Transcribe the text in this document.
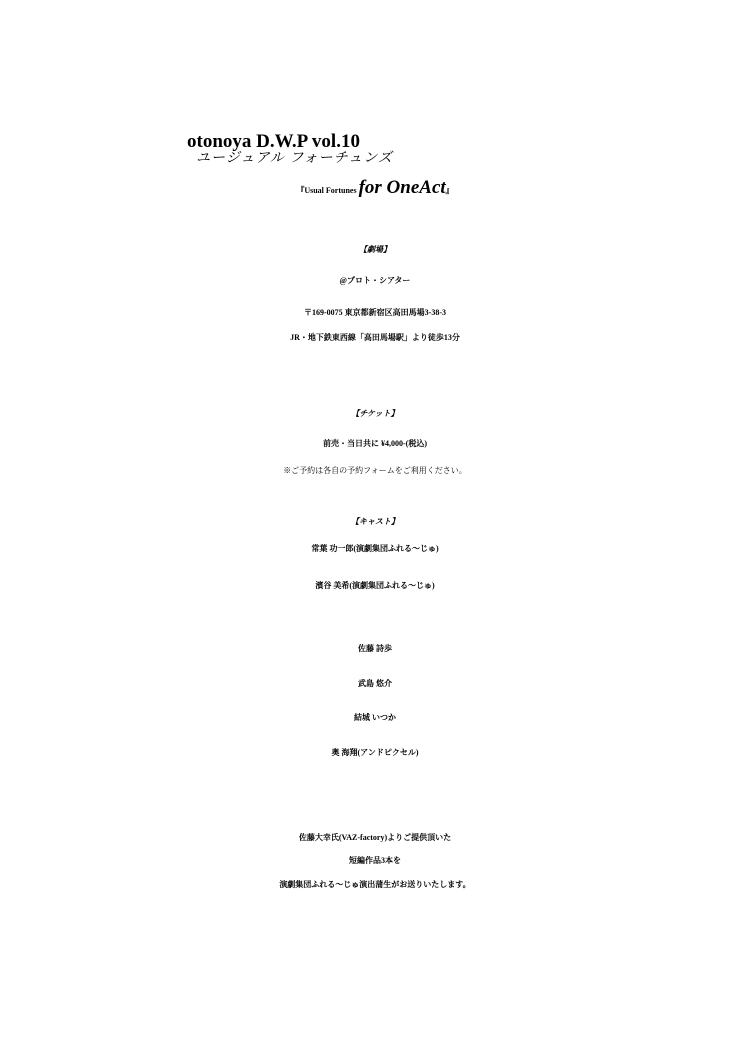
otonoya D.W.P vol.10
ユージュアル フォーチュンズ
『Usual Fortunes for OneAct』
【劇場】
@プロト・シアター
〒169-0075 東京都新宿区高田馬場3-38-3
JR・地下鉄東西線「高田馬場駅」より徒歩13分
【チケット】
前売・当日共に ¥4,000-(税込)
※ご予約は各自の予約フォームをご利用ください。
【キャスト】
常葉 功一郎(演劇集団ふれる〜じゅ)
濱谷 美希(演劇集団ふれる〜じゅ)
佐藤 詩歩
武島 悠介
結城 いつか
奥 海翔(アンドピクセル)
佐藤大幸氏(VAZ-factory)よりご提供頂いた
短編作品3本を
演劇集団ふれる〜じゅ演出蒲生がお送りいたします。
